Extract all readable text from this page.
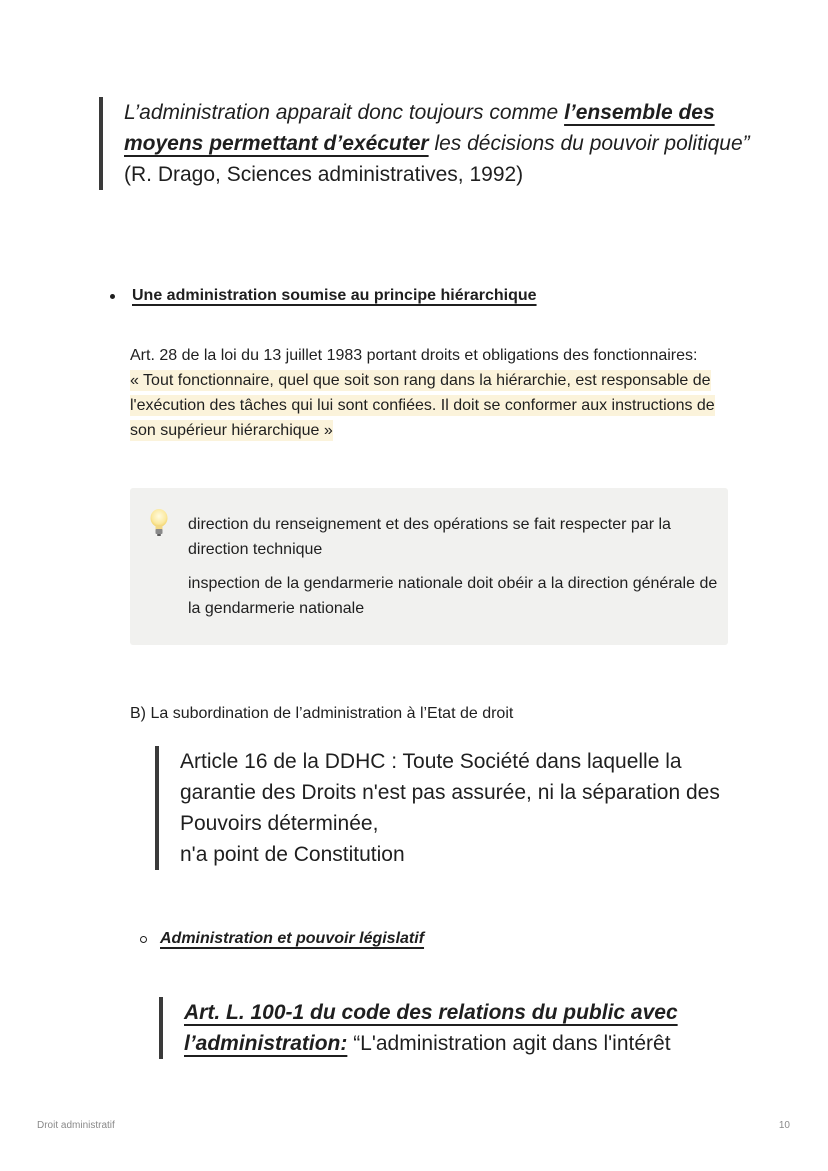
L’administration apparait donc toujours comme l’ensemble des moyens permettant d’exécuter les décisions du pouvoir politique” (R. Drago, Sciences administratives, 1992)
Une administration soumise au principe hiérarchique
Art. 28 de la loi du 13 juillet 1983 portant droits et obligations des fonctionnaires:
« Tout fonctionnaire, quel que soit son rang dans la hiérarchie, est responsable de l'exécution des tâches qui lui sont confiées. Il doit se conformer aux instructions de son supérieur hiérarchique »

direction du renseignement et des opérations se fait respecter par la direction technique

inspection de la gendarmerie nationale doit obéir a la direction générale de la gendarmerie nationale

B) La subordination de l’administration à l’Etat de droit
Article 16 de la DDHC : Toute Société dans laquelle la garantie des Droits n'est pas assurée, ni la séparation des Pouvoirs déterminée,
n'a point de Constitution
Administration et pouvoir législatif
Art. L. 100-1 du code des relations du public avec l’administration: “L'administration agit dans l'intérêt
Droit administratif	10
